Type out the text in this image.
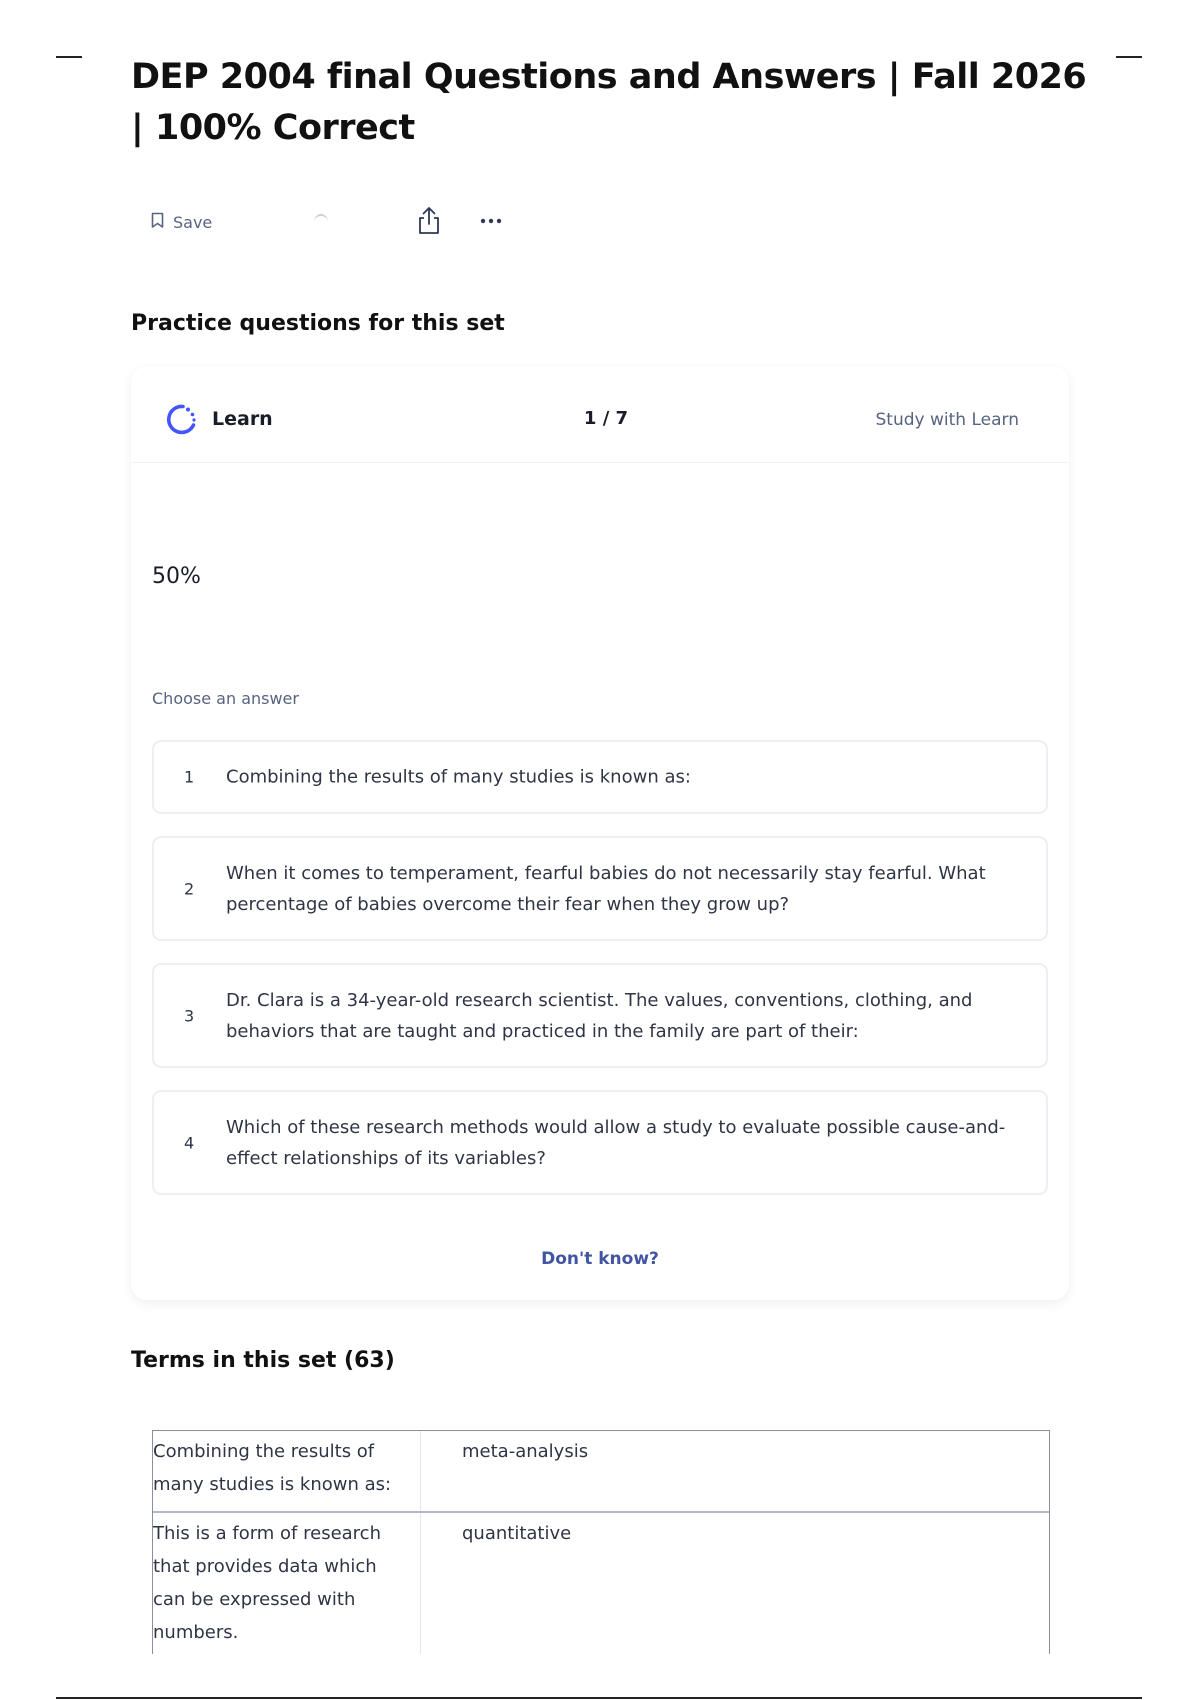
DEP 2004 final Questions and Answers | Fall 2026 | 100% Correct
Save
Practice questions for this set
Learn	1 / 7	Study with Learn
50%
Choose an answer
1 Combining the results of many studies is known as:
2
When it comes to temperament, fearful babies do not necessarily stay fearful. What percentage of babies overcome their fear when they grow up?
3
Dr. Clara is a 34-year-old research scientist. The values, conventions, clothing, and behaviors that are taught and practiced in the family are part of their:
4
Which of these research methods would allow a study to evaluate possible cause-and-effect relationships of its variables?
Don't know?
Terms in this set (63)
Combining the results of many studies is known as:
meta-analysis
This is a form of research that provides data which can be expressed with numbers.
quantitative
